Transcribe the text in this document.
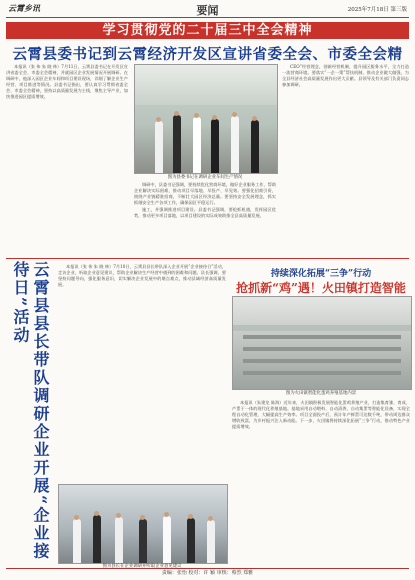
云霄乡讯	要闻	2025年7月18日 第三版
学习贯彻党的二十届三中全会精神
云霄县委书记到云霄经济开发区宣讲省委全会、市委全会精

本报讯（张 伟 朱 晓 林）7月11日，云霄县委书记在开发区宣讲省委全会、市委全会精神，并就园区企业发展情况开展调研。在调研中，他深入园区企业车间和项目建设现场，详细了解企业生产经营、项目推进等情况。县委书记指出，要认真学习贯彻省委全会、市委全会精神，坚持以高质量发展为主线，聚焦主导产业，加快推进园区提质增效。

图为县委书记在调研企业车间生产情况

CEO”经营理念，创新经营机制，提升园区服务水平，全力打造一流营商环境。要落实“一企一策”帮扶机制，推动企业做大做强，为全县经济社会高质量发展作出更大贡献。县领导及有关部门负责同志参加调研。

调研中，县委书记强调，要持续优化营商环境，做好企业服务工作，帮助企业解决实际困难，推动项目早落地、早投产、早见效。要强化招商引资，围绕产业链精准招商，不断壮大园区经济总量。要坚持安全发展理念，抓实抓细安全生产各项工作，确保园区平稳运行。

施工，并强调推进项目建设。县委书记强调，要抢抓机遇，发挥园区优势，推动更多项目落地，以项目建设的实际成效助推全县高质量发展。

云霄县县长带队调研企业开展“企业接待日”活动

本报讯（张 伟 朱 晓 林）7月10日，云霄县县长带队深入企业开展“企业接待日”活动，走访企业，听取企业意见建议，帮助企业解决生产经营中遇到的困难和问题。县长强调，要坚持问题导向，强化服务意识，切实解决企业发展中的堵点难点，推动县域经济高质量发展。

图为县长在企业调研并听取企业意见建议
持续深化拓展“三争”行动
抢抓新“鸡”遇！火田镇打造智能
图为火田镇智能化蛋鸡养殖基地内景

本报讯（朱建龙 陈海）近年来，火田镇积极发展智能化蛋鸡养殖产业，打造集育雏、育成、产蛋于一体的现代化养殖基地。基地采用自动喂料、自动清粪、自动集蛋等智能化设备，实现全程自动化管理，大幅提高生产效率。项目全面投产后，预计年产鲜蛋可达数千吨，带动周边群众增收致富，为乡村振兴注入新动能。下一步，火田镇将持续深化拓展“三争”行动，推动特色产业提质增效。

责编：张怡 校对：许 颖 审核：蔡烈 郑雅
